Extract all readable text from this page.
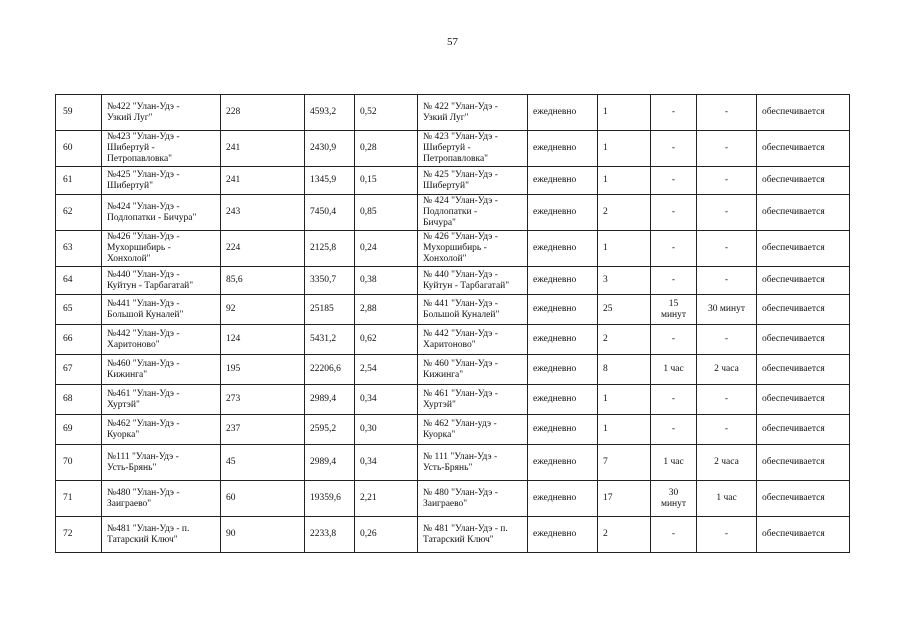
57
59	№422 "Улан-Удэ -
Узкий Луг"	228	4593,2	0,52	№ 422 "Улан-Удэ -
Узкий Луг"	ежедневно	1	-	-	обеспечивается
60	№423 "Улан-Удэ -
Шибертуй -
Петропавловка"	241	2430,9	0,28	№ 423 "Улан-Удэ -
Шибертуй -
Петропавловка"	ежедневно	1	-	-	обеспечивается
61	№425 "Улан-Удэ -
Шибертуй"	241	1345,9	0,15	№ 425 "Улан-Удэ -
Шибертуй"	ежедневно	1	-	-	обеспечивается
62	№424 "Улан-Удэ -
Подлопатки - Бичура"	243	7450,4	0,85	№ 424 "Улан-Удэ -
Подлопатки -
Бичура"	ежедневно	2	-	-	обеспечивается
63	№426 "Улан-Удэ -
Мухоршибирь -
Хонхолой"	224	2125,8	0,24	№ 426 "Улан-Удэ -
Мухоршибирь -
Хонхолой"	ежедневно	1	-	-	обеспечивается
64	№440 "Улан-Удэ -
Куйтун - Тарбагатай"	85,6	3350,7	0,38	№ 440 "Улан-Удэ -
Куйтун - Тарбагатай"	ежедневно	3	-	-	обеспечивается
65	№441 "Улан-Удэ -
Большой Куналей"	92	25185	2,88	№ 441 "Улан-Удэ -
Большой Куналей"	ежедневно	25	15
минут	30 минут	обеспечивается
66	№442 "Улан-Удэ -
Харитоново"	124	5431,2	0,62	№ 442 "Улан-Удэ -
Харитоново"	ежедневно	2	-	-	обеспечивается
67	№460 "Улан-Удэ -
Кижинга"	195	22206,6	2,54	№ 460 "Улан-Удэ -
Кижинга"	ежедневно	8	1 час	2 часа	обеспечивается
68	№461 "Улан-Удэ -
Хуртэй"	273	2989,4	0,34	№ 461 "Улан-Удэ -
Хуртэй"	ежедневно	1	-	-	обеспечивается
69	№462 "Улан-Удэ -
Куорка"	237	2595,2	0,30	№ 462 "Улан-удэ -
Куорка"	ежедневно	1	-	-	обеспечивается
70	№111 "Улан-Удэ -
Усть-Брянь"	45	2989,4	0,34	№ 111 "Улан-Удэ -
Усть-Брянь"	ежедневно	7	1 час	2 часа	обеспечивается
71	№480 "Улан-Удэ -
Заиграево"	60	19359,6	2,21	№ 480 "Улан-Удэ -
Заиграево"	ежедневно	17	30
минут	1 час	обеспечивается
72	№481 "Улан-Удэ - п.
Татарский Ключ"	90	2233,8	0,26	№ 481 "Улан-Удэ - п.
Татарский Ключ"	ежедневно	2	-	-	обеспечивается
